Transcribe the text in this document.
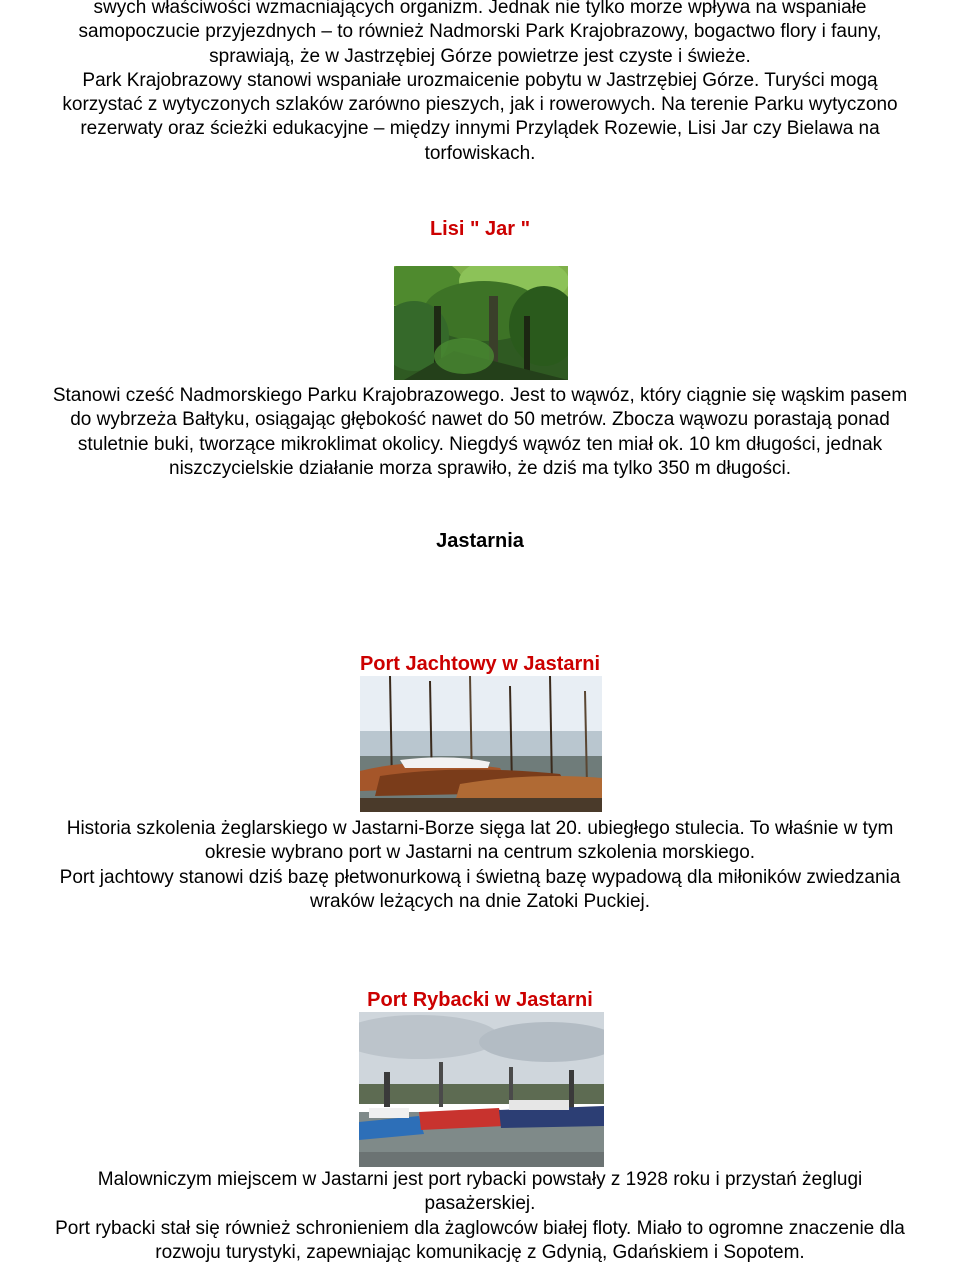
swych właściwości wzmacniających organizm. Jednak nie tylko morze wpływa na wspaniałe
samopoczucie przyjezdnych – to również Nadmorski Park Krajobrazowy, bogactwo flory i fauny,
sprawiają, że w Jastrzębiej Górze powietrze jest czyste i świeże.
Park Krajobrazowy stanowi wspaniałe urozmaicenie pobytu w Jastrzębiej Górze. Turyści mogą
korzystać z wytyczonych szlaków zarówno pieszych, jak i rowerowych. Na terenie Parku wytyczono
rezerwaty oraz ścieżki edukacyjne – między innymi Przylądek Rozewie, Lisi Jar czy Bielawa na
torfowiskach.
Lisi " Jar "
Stanowi cześć Nadmorskiego Parku Krajobrazowego. Jest to wąwóz, który ciągnie się wąskim pasem
do wybrzeża Bałtyku, osiągając głębokość nawet do 50 metrów. Zbocza wąwozu porastają ponad
stuletnie buki, tworzące mikroklimat okolicy. Niegdyś wąwóz ten miał ok. 10 km długości, jednak
niszczycielskie działanie morza sprawiło, że dziś ma tylko 350 m długości.
Jastarnia
Port Jachtowy w Jastarni
Historia szkolenia żeglarskiego w Jastarni-Borze sięga lat 20. ubiegłego stulecia. To właśnie w tym
okresie wybrano port w Jastarni na centrum szkolenia morskiego.
Port jachtowy stanowi dziś bazę płetwonurkową i świetną bazę wypadową dla miłoników zwiedzania
wraków leżących na dnie Zatoki Puckiej.
Port Rybacki w Jastarni
Malowniczym miejscem w Jastarni jest port rybacki powstały z 1928 roku i przystań żeglugi
pasażerskiej.
Port rybacki stał się również schronieniem dla żaglowców białej floty. Miało to ogromne znaczenie dla
rozwoju turystyki, zapewniając komunikację z Gdynią, Gdańskiem i Sopotem.
